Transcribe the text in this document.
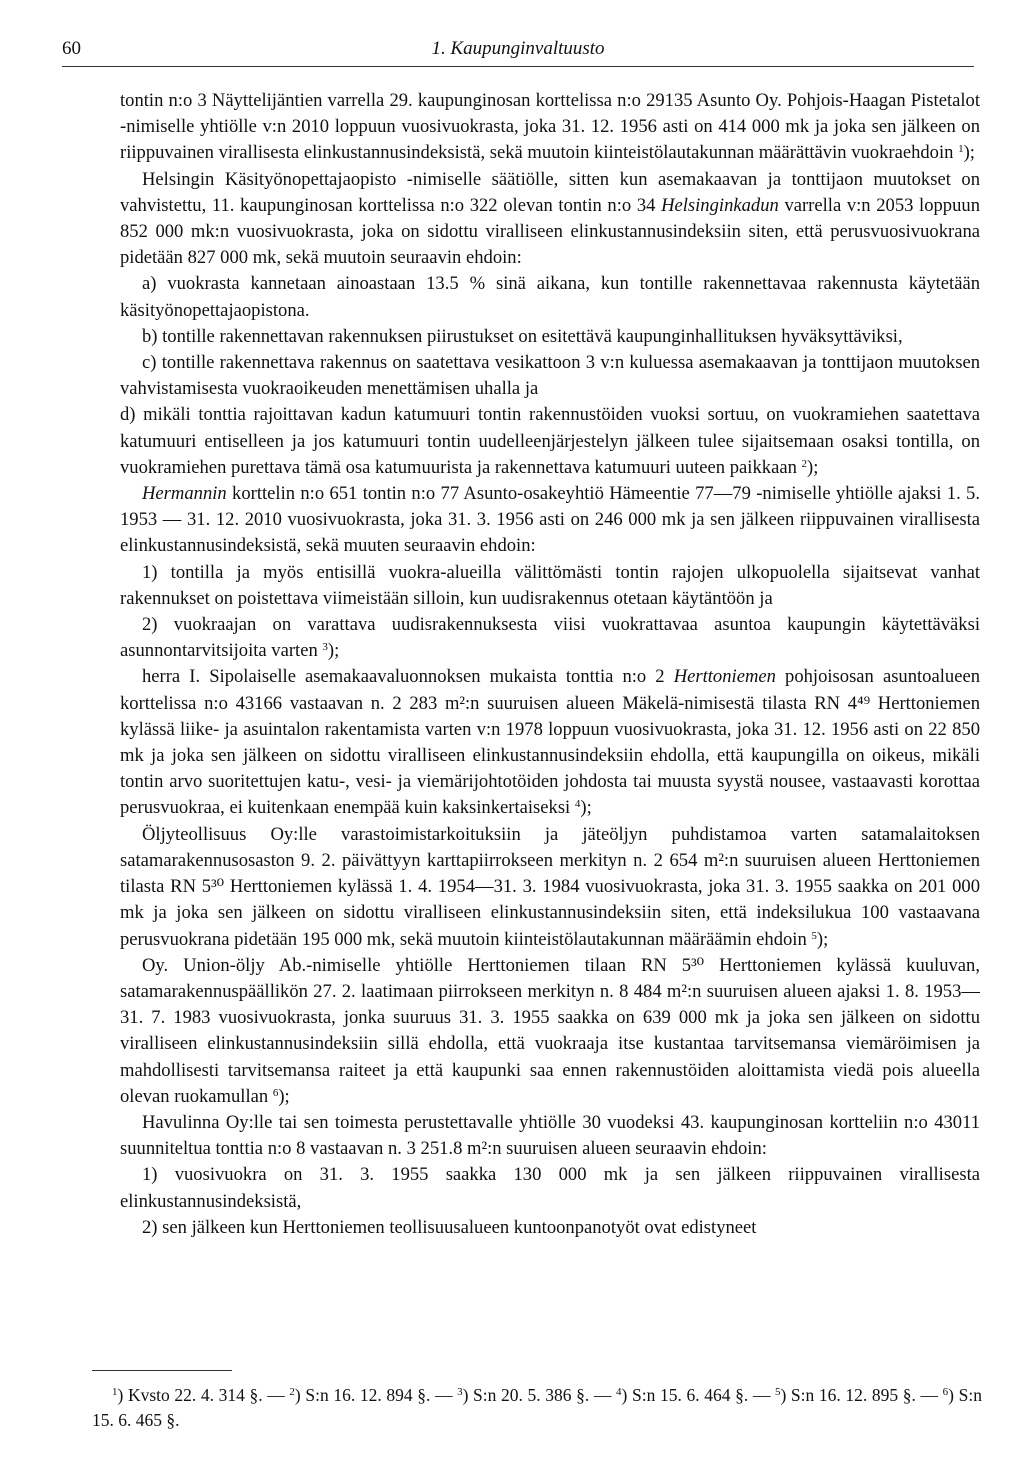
60	1. Kaupunginvaltuusto

tontin n:o 3 Näyttelijäntien varrella 29. kaupunginosan korttelissa n:o 29135 Asunto Oy. Pohjois-Haagan Pistetalot -nimiselle yhtiölle v:n 2010 loppuun vuosivuokrasta, joka 31. 12. 1956 asti on 414 000 mk ja joka sen jälkeen on riippuvainen virallisesta elinkustannusindeksistä, sekä muutoin kiinteistölautakunnan määrättävin vuokraehdoin $^1$);

Helsingin Käsityönopettajaopisto -nimiselle säätiölle, sitten kun asemakaavan ja tonttijaon muutokset on vahvistettu, 11. kaupunginosan korttelissa n:o 322 olevan tontin n:o 34 Helsinginkadun varrella v:n 2053 loppuun 852 000 mk:n vuosivuokrasta, joka on sidottu viralliseen elinkustannusindeksiin siten, että perusvuosivuokrana pidetään 827 000 mk, sekä muutoin seuraavin ehdoin:

a) vuokrasta kannetaan ainoastaan 13.5 % sinä aikana, kun tontille rakennettavaa rakennusta käytetään käsityönopettajaopistona.

b) tontille rakennettavan rakennuksen piirustukset on esitettävä kaupunginhallituksen hyväksyttäviksi,

c) tontille rakennettava rakennus on saatettava vesikattoon 3 v:n kuluessa asemakaavan ja tonttijaon muutoksen vahvistamisesta vuokraoikeuden menettämisen uhalla ja

d) mikäli tonttia rajoittavan kadun katumuuri tontin rakennustöiden vuoksi sortuu, on vuokramiehen saatettava katumuuri entiselleen ja jos katumuuri tontin uudelleenjärjestelyn jälkeen tulee sijaitsemaan osaksi tontilla, on vuokramiehen purettava tämä osa katumuurista ja rakennettava katumuuri uuteen paikkaan $^2$);

Hermannin korttelin n:o 651 tontin n:o 77 Asunto-osakeyhtiö Hämeentie 77—79 -nimiselle yhtiölle ajaksi 1. 5. 1953 — 31. 12. 2010 vuosivuokrasta, joka 31. 3. 1956 asti on 246 000 mk ja sen jälkeen riippuvainen virallisesta elinkustannusindeksistä, sekä muuten seuraavin ehdoin:

1) tontilla ja myös entisillä vuokra-alueilla välittömästi tontin rajojen ulkopuolella sijaitsevat vanhat rakennukset on poistettava viimeistään silloin, kun uudisrakennus otetaan käytäntöön ja

2) vuokraajan on varattava uudisrakennuksesta viisi vuokrattavaa asuntoa kaupungin käytettäväksi asunnontarvitsijoita varten $^3$);

herra I. Sipolaiselle asemakaavaluonnoksen mukaista tonttia n:o 2 Herttoniemen pohjoisosan asuntoalueen korttelissa n:o 43166 vastaavan n. 2 283 m²:n suuruisen alueen Mäkelä-nimisestä tilasta RN 4⁴⁹ Herttoniemen kylässä liike- ja asuintalon rakentamista varten v:n 1978 loppuun vuosivuokrasta, joka 31. 12. 1956 asti on 22 850 mk ja joka sen jälkeen on sidottu viralliseen elinkustannusindeksiin ehdolla, että kaupungilla on oikeus, mikäli tontin arvo suoritettujen katu-, vesi- ja viemärijohtotöiden johdosta tai muusta syystä nousee, vastaavasti korottaa perusvuokraa, ei kuitenkaan enempää kuin kaksinkertaiseksi $^4$);

Öljyteollisuus Oy:lle varastoimistarkoituksiin ja jäteöljyn puhdistamoa varten satamalaitoksen satamarakennusosaston 9. 2. päivättyyn karttapiirrokseen merkityn n. 2 654 m²:n suuruisen alueen Herttoniemen tilasta RN 5³⁰ Herttoniemen kylässä 1. 4. 1954—31. 3. 1984 vuosivuokrasta, joka 31. 3. 1955 saakka on 201 000 mk ja joka sen jälkeen on sidottu viralliseen elinkustannusindeksiin siten, että indeksilukua 100 vastaavana perusvuokrana pidetään 195 000 mk, sekä muutoin kiinteistölautakunnan määräämin ehdoin $^5$);

Oy. Union-öljy Ab.-nimiselle yhtiölle Herttoniemen tilaan RN 5³⁰ Herttoniemen kylässä kuuluvan, satamarakennuspäällikön 27. 2. laatimaan piirrokseen merkityn n. 8 484 m²:n suuruisen alueen ajaksi 1. 8. 1953—31. 7. 1983 vuosivuokrasta, jonka suuruus 31. 3. 1955 saakka on 639 000 mk ja joka sen jälkeen on sidottu viralliseen elinkustannusindeksiin sillä ehdolla, että vuokraaja itse kustantaa tarvitsemansa viemäröimisen ja mahdollisesti tarvitsemansa raiteet ja että kaupunki saa ennen rakennustöiden aloittamista viedä pois alueella olevan ruokamullan $^6$);

Havulinna Oy:lle tai sen toimesta perustettavalle yhtiölle 30 vuodeksi 43. kaupunginosan kortteliin n:o 43011 suunniteltua tonttia n:o 8 vastaavan n. 3 251.8 m²:n suuruisen alueen seuraavin ehdoin:

1) vuosivuokra on 31. 3. 1955 saakka 130 000 mk ja sen jälkeen riippuvainen virallisesta elinkustannusindeksistä,

2) sen jälkeen kun Herttoniemen teollisuusalueen kuntoonpanotyöt ovat edistyneet

$^1$) Kvsto 22. 4. 314 §. — $^2$) S:n 16. 12. 894 §. — $^3$) S:n 20. 5. 386 §. — $^4$) S:n 15. 6. 464 §. — $^5$) S:n 16. 12. 895 §. — $^6$) S:n 15. 6. 465 §.
